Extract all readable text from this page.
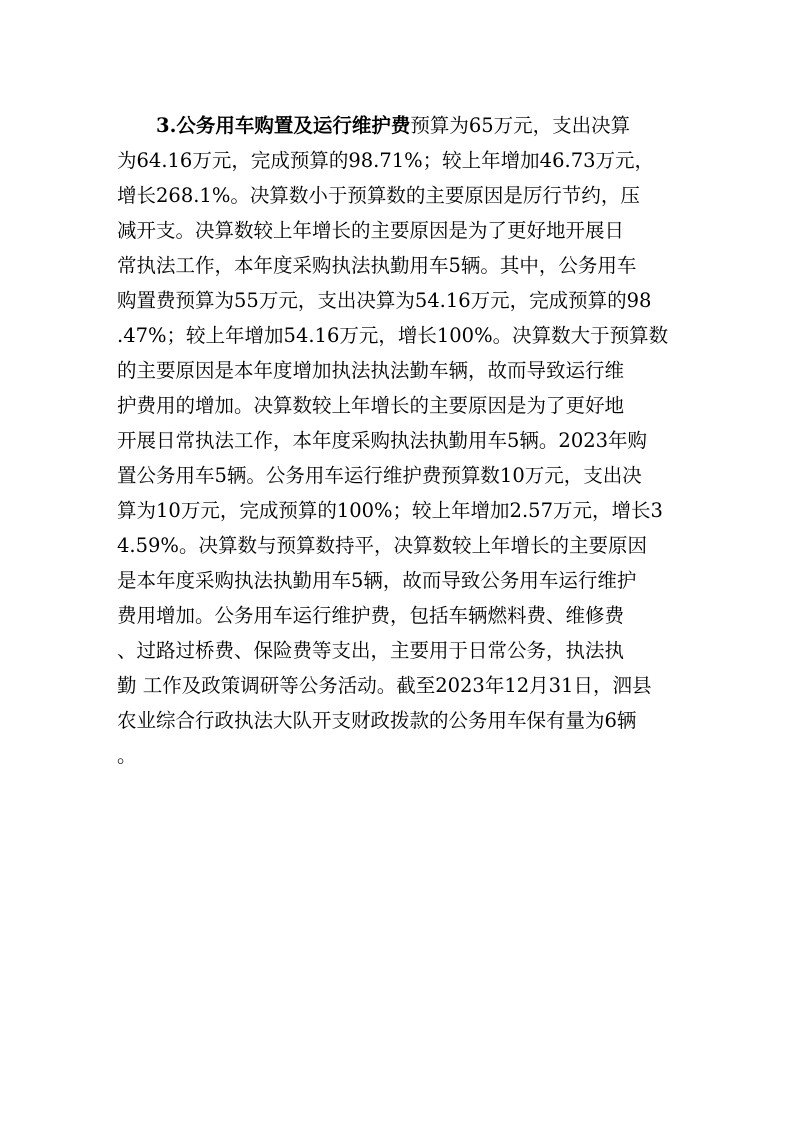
3.公务用车购置及运行维护费预算为65万元，支出决算
为64.16万元，完成预算的98.71%；较上年增加46.73万元，
增长268.1%。决算数小于预算数的主要原因是厉行节约，压
减开支。决算数较上年增长的主要原因是为了更好地开展日
常执法工作，本年度采购执法执勤用车5辆。其中，公务用车
购置费预算为55万元，支出决算为54.16万元，完成预算的98
.47%；较上年增加54.16万元，增长100%。决算数大于预算数
的主要原因是本年度增加执法执法勤车辆，故而导致运行维
护费用的增加。决算数较上年增长的主要原因是为了更好地
开展日常执法工作，本年度采购执法执勤用车5辆。2023年购
置公务用车5辆。公务用车运行维护费预算数10万元，支出决
算为10万元，完成预算的100%；较上年增加2.57万元，增长3
4.59%。决算数与预算数持平，决算数较上年增长的主要原因
是本年度采购执法执勤用车5辆，故而导致公务用车运行维护
费用增加。公务用车运行维护费，包括车辆燃料费、维修费
、过路过桥费、保险费等支出，主要用于日常公务，执法执
勤 工作及政策调研等公务活动。截至2023年12月31日，泗县
农业综合行政执法大队开支财政拨款的公务用车保有量为6辆
。
